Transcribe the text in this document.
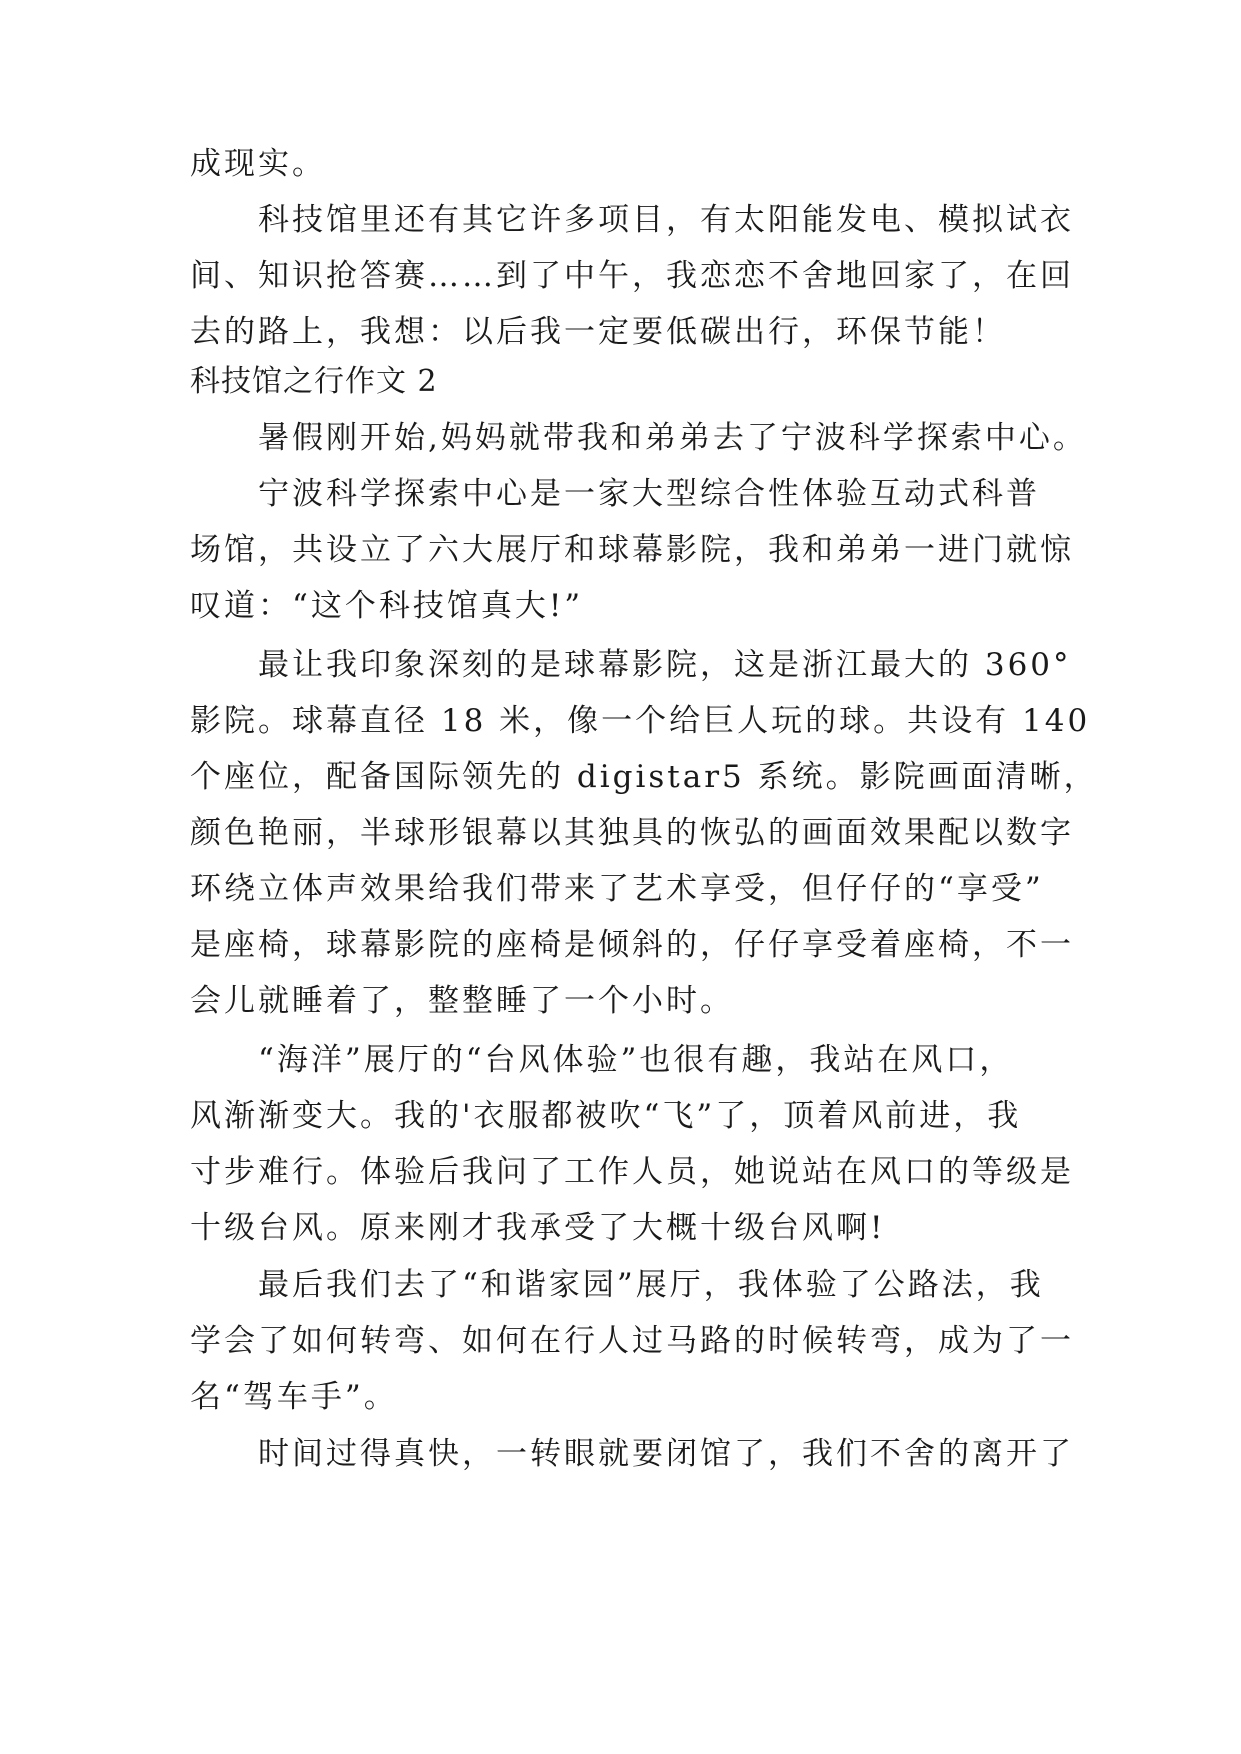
成现实。
科技馆里还有其它许多项目，有太阳能发电、模拟试衣
间、知识抢答赛……到了中午，我恋恋不舍地回家了，在回
去的路上，我想：以后我一定要低碳出行，环保节能！
科技馆之行作文 2
暑假刚开始,妈妈就带我和弟弟去了宁波科学探索中心。
宁波科学探索中心是一家大型综合性体验互动式科普
场馆，共设立了六大展厅和球幕影院，我和弟弟一进门就惊
叹道：“这个科技馆真大!”
最让我印象深刻的是球幕影院，这是浙江最大的 360°
影院。球幕直径 18 米，像一个给巨人玩的球。共设有 140
个座位，配备国际领先的 digistar5 系统。影院画面清晰，
颜色艳丽，半球形银幕以其独具的恢弘的画面效果配以数字
环绕立体声效果给我们带来了艺术享受，但仔仔的“享受”
是座椅，球幕影院的座椅是倾斜的，仔仔享受着座椅，不一
会儿就睡着了，整整睡了一个小时。
“海洋”展厅的“台风体验”也很有趣，我站在风口，
风渐渐变大。我的'衣服都被吹“飞”了，顶着风前进，我
寸步难行。体验后我问了工作人员，她说站在风口的等级是
十级台风。原来刚才我承受了大概十级台风啊!
最后我们去了“和谐家园”展厅，我体验了公路法，我
学会了如何转弯、如何在行人过马路的时候转弯，成为了一
名“驾车手”。
时间过得真快，一转眼就要闭馆了，我们不舍的离开了
